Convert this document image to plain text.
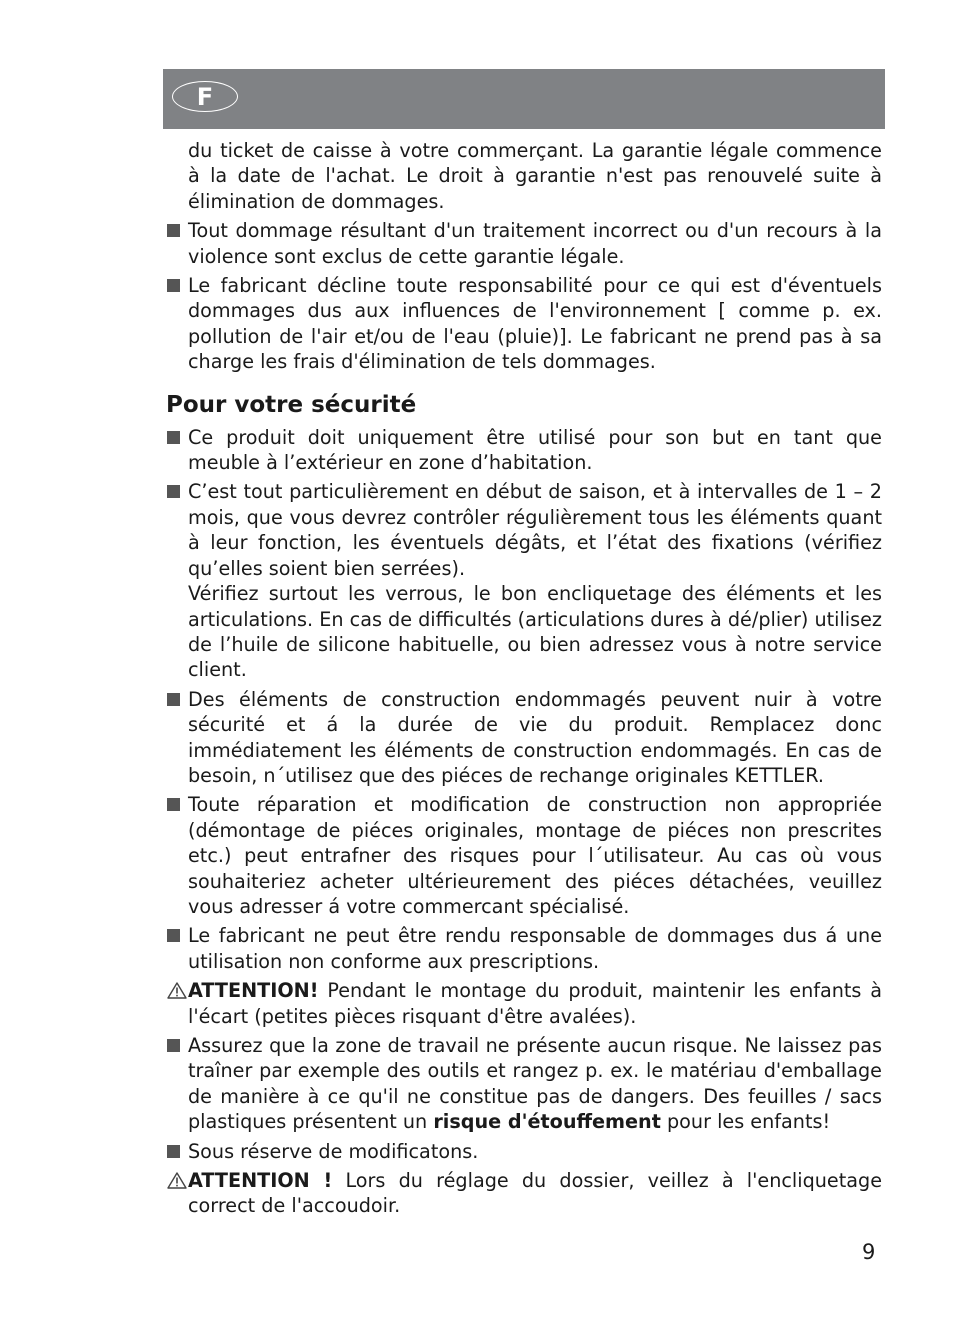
F

du ticket de caisse à votre commerçant. La garantie légale commence à la date de l'achat. Le droit à garantie n'est pas renouvelé suite à élimination de dommages.

Tout dommage résultant d'un traitement incorrect ou d'un recours à la violence sont exclus de cette garantie légale.
Le fabricant décline toute responsabilité pour ce qui est d'éventuels dommages dus aux influences de l'environnement [ comme p. ex. pollution de l'air et/ou de l'eau (pluie)]. Le fabricant ne prend pas à sa charge les frais d'élimination de tels dommages.
Pour votre sécurité
Ce produit doit uniquement être utilisé pour son but en tant que meuble à l’extérieur en zone d’habitation.
C’est tout particulièrement en début de saison, et à intervalles de 1 – 2 mois, que vous devrez contrôler régulièrement tous les éléments quant à leur fonction, les éventuels dégâts, et l’état des fixations (vérifiez qu’elles soient bien serrées).
Vérifiez surtout les verrous, le bon encliquetage des éléments et les articulations. En cas de difficultés (articulations dures à dé/plier) utilisez de l’huile de silicone habituelle, ou bien adressez vous à notre service client.
Des éléments de construction endommagés peuvent nuir à votre sécurité et á la durée de vie du produit. Remplacez donc immédiatement les éléments de construction endommagés. En cas de besoin, n´utilisez que des piéces de rechange originales KETTLER.
Toute réparation et modification de construction non appropriée (démontage de piéces originales, montage de piéces non prescrites etc.) peut entrafner des risques pour l´utilisateur. Au cas où vous souhaiteriez acheter ultérieurement des piéces détachées, veuillez vous adresser á votre commercant spécialisé.
Le fabricant ne peut être rendu responsable de dommages dus á une utilisation non conforme aux prescriptions.
ATTENTION! Pendant le montage du produit, maintenir les enfants à l'écart (petites pièces risquant d'être avalées).
Assurez que la zone de travail ne présente aucun risque. Ne laissez pas traîner par exemple des outils et rangez p. ex. le matériau d'emballage de manière à ce qu'il ne constitue pas de dangers. Des feuilles / sacs plastiques présentent un risque d'étouffement pour les enfants!
Sous réserve de modificatons.
ATTENTION ! Lors du réglage du dossier, veillez à l'encliquetage correct de l'accoudoir.
9
